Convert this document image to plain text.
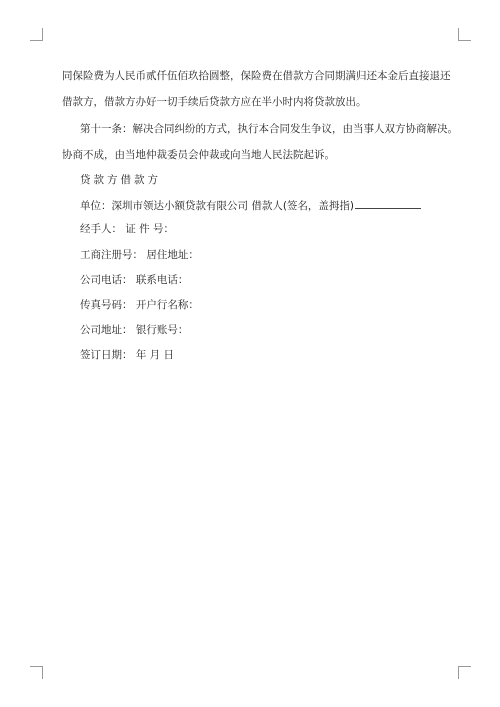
同保险费为人民币贰仟伍佰玖拾圆整，保险费在借款方合同期满归还本金后直接退还
借款方，借款方办好一切手续后贷款方应在半小时内将贷款放出。
第十一条：解决合同纠纷的方式，执行本合同发生争议，由当事人双方协商解决。
协商不成，由当地仲裁委员会仲裁或向当地人民法院起诉。
贷款方借款方
单位：深圳市领达小额贷款有限公司 借款人(签名，盖拇指)
经手人： 证 件 号：
工商注册号： 居住地址：
公司电话： 联系电话：
传真号码： 开户行名称：
公司地址： 银行账号：
签订日期： 年 月 日
